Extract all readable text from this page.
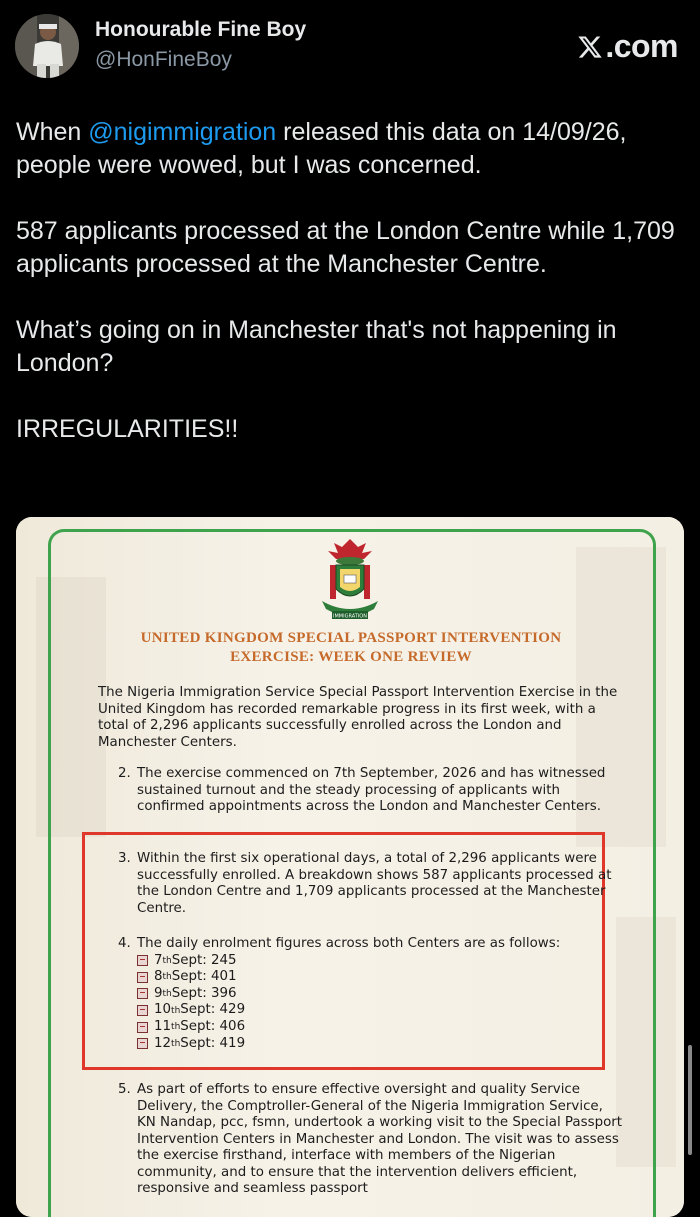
Honourable Fine Boy
@HonFineBoy	.com

When @nigimmigration released this data on 14/09/26, people were wowed, but I was concerned.

587 applicants processed at the London Centre while 1,709 applicants processed at the Manchester Centre.

What’s going on in Manchester that's not happening in London?

IRREGULARITIES!!

IMMIGRATION
UNITED KINGDOM SPECIAL PASSPORT INTERVENTION
EXERCISE: WEEK ONE REVIEW
The Nigeria Immigration Service Special Passport Intervention Exercise in the United Kingdom has recorded remarkable progress in its first week, with a total of 2,296 applicants successfully enrolled across the London and Manchester Centers.
2. The exercise commenced on 7th September, 2026 and has witnessed sustained turnout and the steady processing of applicants with confirmed appointments across the London and Manchester Centers.
3. Within the first six operational days, a total of 2,296 applicants were successfully enrolled. A breakdown shows 587 applicants processed at the London Centre and 1,709 applicants processed at the Manchester Centre.
4. The daily enrolment figures across both Centers are as follows:
7 th Sept: 245
8 th Sept: 401
9 th Sept: 396
10 th Sept: 429
11 th Sept: 406
12 th Sept: 419
5. As part of efforts to ensure effective oversight and quality Service Delivery, the Comptroller-General of the Nigeria Immigration Service, KN Nandap, pcc, fsmn, undertook a working visit to the Special Passport Intervention Centers in Manchester and London. The visit was to assess the exercise firsthand, interface with members of the Nigerian community, and to ensure that the intervention delivers efficient, responsive and seamless passport
